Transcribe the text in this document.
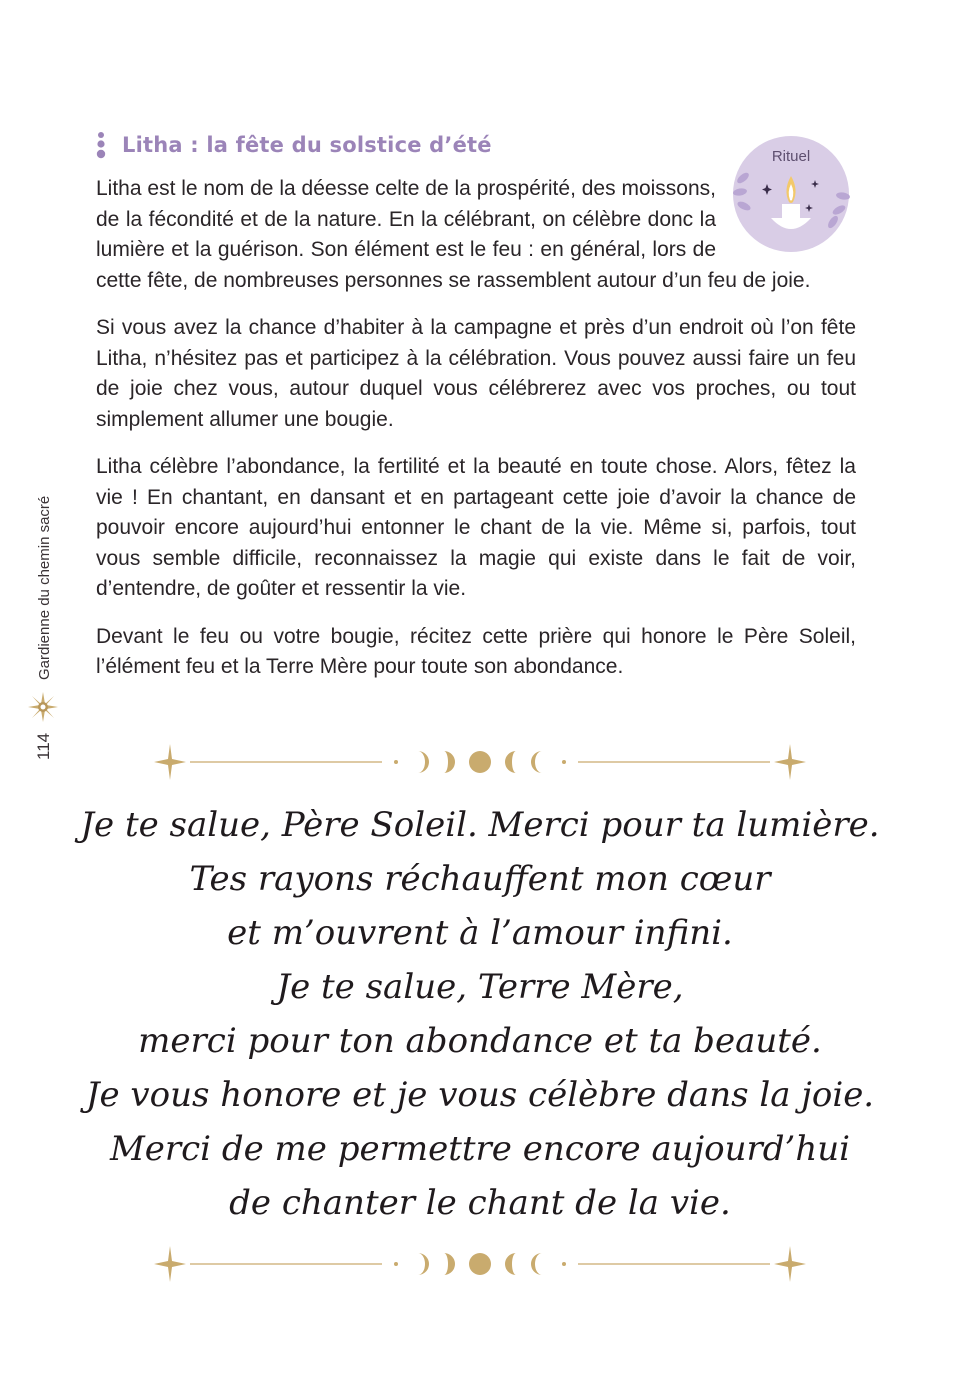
Gardienne du chemin sacré
114
Litha : la fête du solstice d’été	Rituel

Litha est le nom de la déesse celte de la prospérité, des moissons, de la fécondité et de la nature. En la célébrant, on célèbre donc la lumière et la guérison. Son élément est le feu : en général, lors de cette fête, de nombreuses personnes se rassemblent autour d’un feu de joie.

Si vous avez la chance d’habiter à la campagne et près d’un endroit où l’on fête Litha, n’hésitez pas et participez à la célébration. Vous pouvez aussi faire un feu de joie chez vous, autour duquel vous célébrerez avec vos proches, ou tout simplement allumer une bougie.

Litha célèbre l’abondance, la fertilité et la beauté en toute chose. Alors, fêtez la vie ! En chantant, en dansant et en partageant cette joie d’avoir la chance de pouvoir encore aujourd’hui entonner le chant de la vie. Même si, parfois, tout vous semble difficile, reconnaissez la magie qui existe dans le fait de voir, d’entendre, de goûter et ressentir la vie.

Devant le feu ou votre bougie, récitez cette prière qui honore le Père Soleil, l’élément feu et la Terre Mère pour toute son abondance.

Je te salue, Père Soleil. Merci pour ta lumière.
Tes rayons réchauffent mon cœur
et m’ouvrent à l’amour infini.
Je te salue, Terre Mère,
merci pour ton abondance et ta beauté.
Je vous honore et je vous célèbre dans la joie.
Merci de me permettre encore aujourd’hui
de chanter le chant de la vie.
